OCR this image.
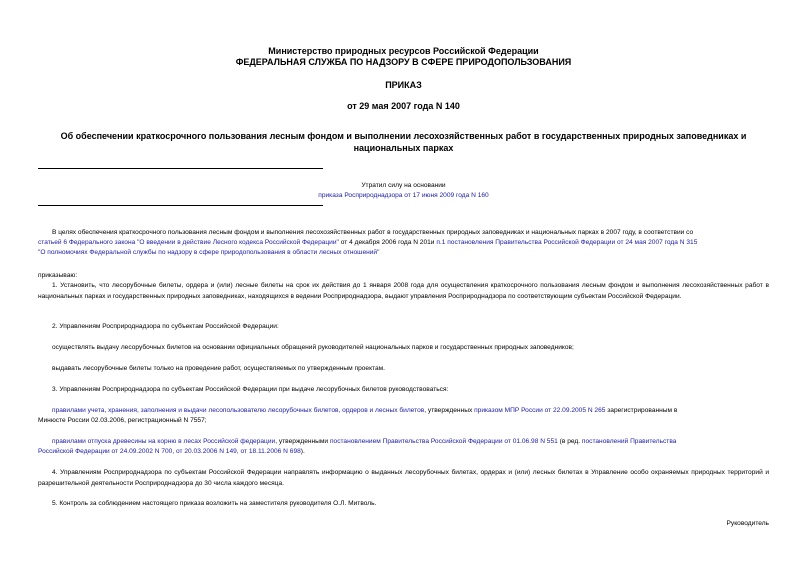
Министерство природных ресурсов Российской Федерации
ФЕДЕРАЛЬНАЯ СЛУЖБА ПО НАДЗОРУ В СФЕРЕ ПРИРОДОПОЛЬЗОВАНИЯ
ПРИКАЗ
от 29 мая 2007 года N 140
Об обеспечении краткосрочного пользования лесным фондом и выполнении лесохозяйственных работ в государственных природных заповедниках и
национальных парках
Утратил силу на основании
приказа Росприроднадзора от 17 июня 2009 года N 160
В целях обеспечения краткосрочного пользования лесным фондом и выполнения лесохозяйственных работ в государственных природных заповедниках и национальных парках в 2007 году, в соответствии со
статьей 6 Федерального закона "О введении в действие Лесного кодекса Российской Федерации" от 4 декабря 2006 года N 201и п.1 постановления Правительства Российской Федерации от 24 мая 2007 года N 315
"О полномочиях Федеральной службы по надзору в сфере природопользования в области лесных отношений"
приказываю:
1. Установить, что лесорубочные билеты, ордера и (или) лесные билеты на срок их действия до 1 января 2008 года для осуществления краткосрочного пользования лесным фондом и выполнения лесохозяйственных работ в национальных парках и государственных природных заповедниках, находящихся в ведении Росприроднадзора, выдают управления Росприроднадзора по соответствующим субъектам Российской Федерации.
2. Управлениям Росприроднадзора по субъектам Российской Федерации:
осуществлять выдачу лесорубочных билетов на основании официальных обращений руководителей национальных парков и государственных природных заповедников;
выдавать лесорубочные билеты только на проведение работ, осуществляемых по утвержденным проектам.
3. Управлениям Росприроднадзора по субъектам Российской Федерации при выдаче лесорубочных билетов руководствоваться:
правилами учета, хранения, заполнения и выдачи лесопользователю лесорубочных билетов, ордеров и лесных билетов, утвержденных приказом МПР России от 22.09.2005 N 265 зарегистрированным в
Минюсте России 02.03.2006, регистрационный N 7557;
правилами отпуска древесины на корню в лесах Российской федерации, утвержденными постановлением Правительства Российской Федерации от 01.06.98 N 551 (в ред. постановлений Правительства
Российской Федерации от 24.09.2002 N 700, от 20.03.2006 N 149, от 18.11.2006 N 698).
4. Управлениям Росприроднадзора по субъектам Российской Федерации направлять информацию о выданных лесорубочных билетах, ордерах и (или) лесных билетах в Управление особо охраняемых природных территорий и разрешительной деятельности Росприроднадзора до 30 числа каждого месяца.
5. Контроль за соблюдением настоящего приказа возложить на заместителя руководителя О.Л. Митволь.
Руководитель
